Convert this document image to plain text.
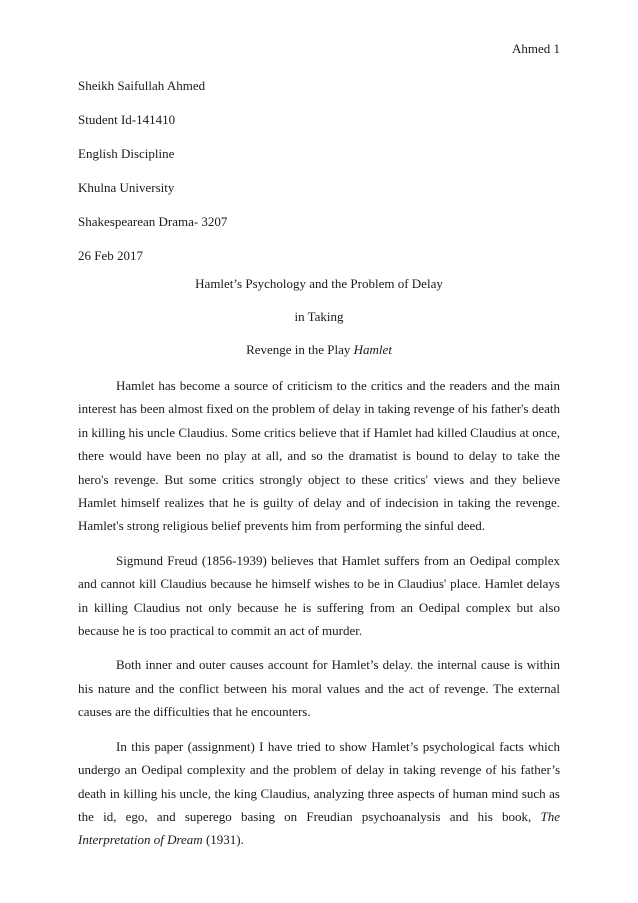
Ahmed 1
Sheikh Saifullah Ahmed
Student Id-141410
English Discipline
Khulna University
Shakespearean Drama- 3207
26 Feb 2017
Hamlet’s Psychology and the Problem of Delay
in Taking
Revenge in the Play Hamlet

Hamlet has become a source of criticism to the critics and the readers and the main interest has been almost fixed on the problem of delay in taking revenge of his father's death in killing his uncle Claudius. Some critics believe that if Hamlet had killed Claudius at once, there would have been no play at all, and so the dramatist is bound to delay to take the hero's revenge. But some critics strongly object to these critics' views and they believe Hamlet himself realizes that he is guilty of delay and of indecision in taking the revenge. Hamlet's strong religious belief prevents him from performing the sinful deed.

Sigmund Freud (1856-1939) believes that Hamlet suffers from an Oedipal complex and cannot kill Claudius because he himself wishes to be in Claudius' place. Hamlet delays in killing Claudius not only because he is suffering from an Oedipal complex but also because he is too practical to commit an act of murder.

Both inner and outer causes account for Hamlet’s delay. the internal cause is within his nature and the conflict between his moral values and the act of revenge. The external causes are the difficulties that he encounters.

In this paper (assignment) I have tried to show Hamlet’s psychological facts which undergo an Oedipal complexity and the problem of delay in taking revenge of his father’s death in killing his uncle, the king Claudius, analyzing three aspects of human mind such as the id, ego, and superego basing on Freudian psychoanalysis and his book, The Interpretation of Dream (1931).
